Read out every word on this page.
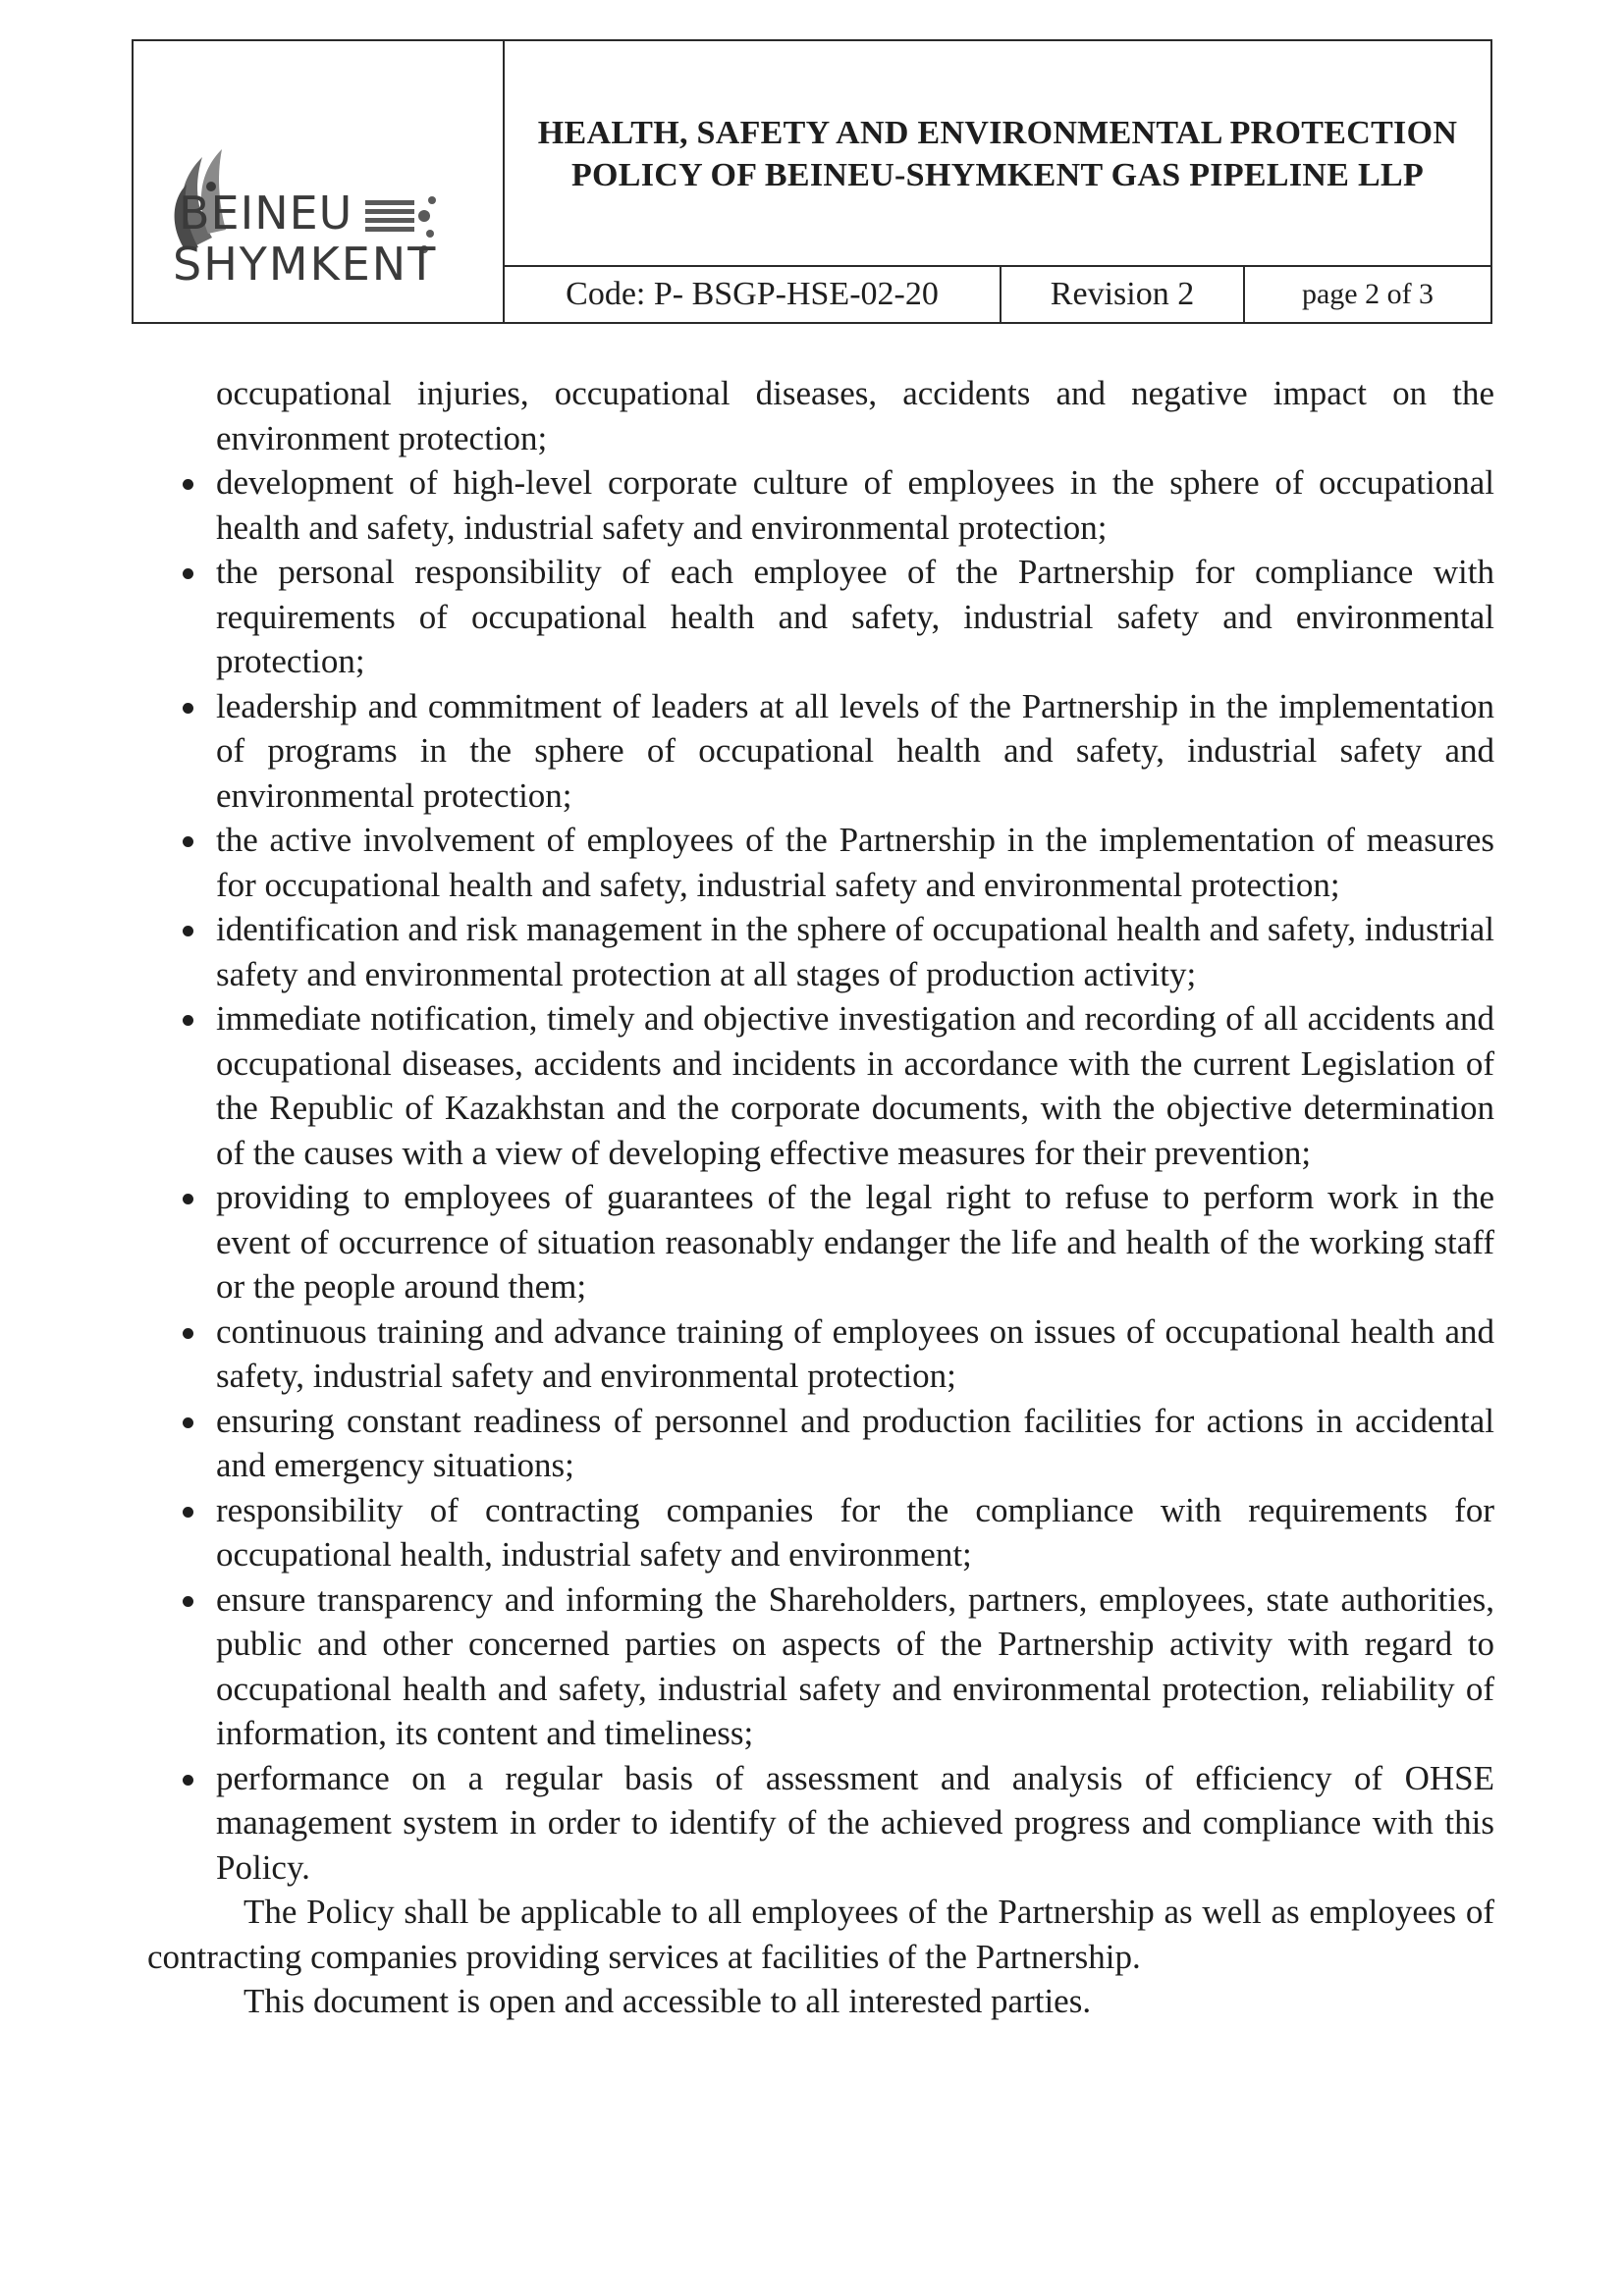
BEINEU
SHYMKENT
HEALTH, SAFETY AND ENVIRONMENTAL PROTECTION POLICY OF BEINEU-SHYMKENT GAS PIPELINE LLP
Code: P- BSGP-HSE-02-20	Revision 2	page 2 of 3

occupational injuries, occupational diseases, accidents and negative impact on the environment protection;

development of high-level corporate culture of employees in the sphere of occupational health and safety, industrial safety and environmental protection;
the personal responsibility of each employee of the Partnership for compliance with requirements of occupational health and safety, industrial safety and environmental protection;
leadership and commitment of leaders at all levels of the Partnership in the implementation of programs in the sphere of occupational health and safety, industrial safety and environmental protection;
the active involvement of employees of the Partnership in the implementation of measures for occupational health and safety, industrial safety and environmental protection;
identification and risk management in the sphere of occupational health and safety, industrial safety and environmental protection at all stages of production activity;
immediate notification, timely and objective investigation and recording of all accidents and occupational diseases, accidents and incidents in accordance with the current Legislation of the Republic of Kazakhstan and the corporate documents, with the objective determination of the causes with a view of developing effective measures for their prevention;
providing to employees of guarantees of the legal right to refuse to perform work in the event of occurrence of situation reasonably endanger the life and health of the working staff or the people around them;
continuous training and advance training of employees on issues of occupational health and safety, industrial safety and environmental protection;
ensuring constant readiness of personnel and production facilities for actions in accidental and emergency situations;
responsibility of contracting companies for the compliance with requirements for occupational health, industrial safety and environment;
ensure transparency and informing the Shareholders, partners, employees, state authorities, public and other concerned parties on aspects of the Partnership activity with regard to occupational health and safety, industrial safety and environmental protection, reliability of information, its content and timeliness;
performance on a regular basis of assessment and analysis of efficiency of OHSE management system in order to identify of the achieved progress and compliance with this Policy.

The Policy shall be applicable to all employees of the Partnership as well as employees of contracting companies providing services at facilities of the Partnership.

This document is open and accessible to all interested parties.
